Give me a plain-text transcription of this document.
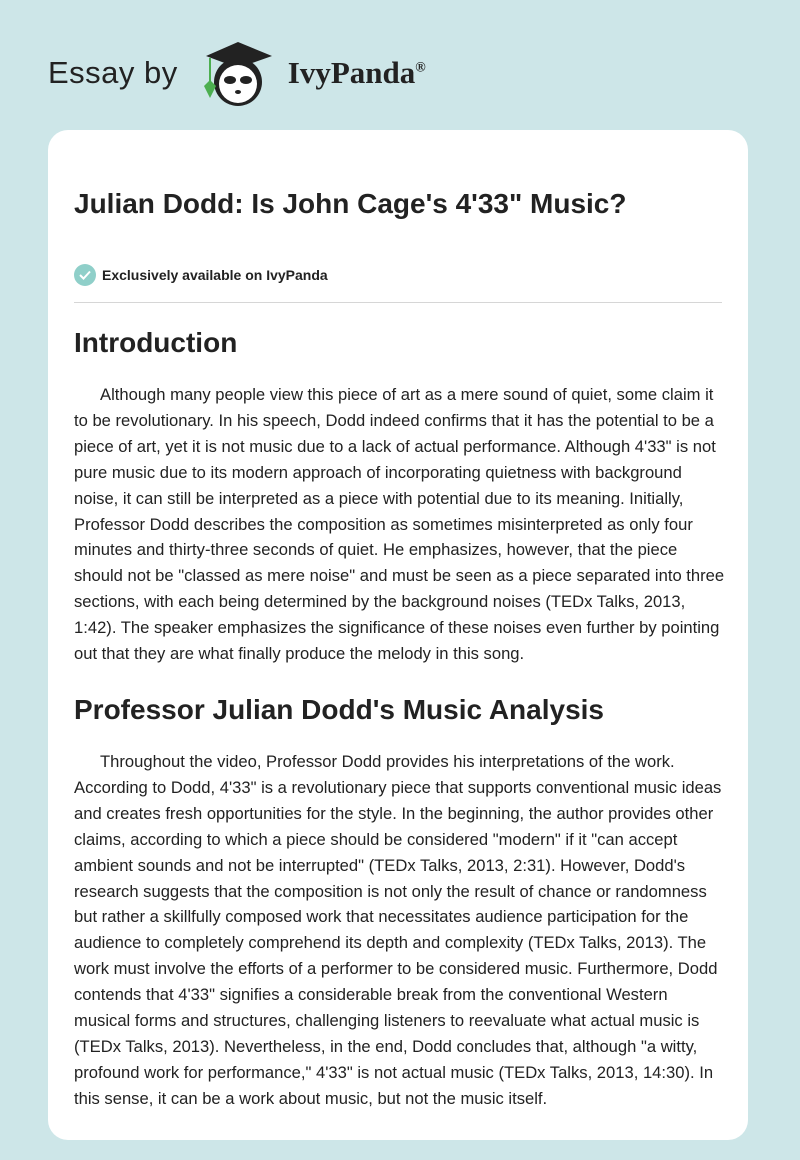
Essay by	IvyPanda®
Julian Dodd: Is John Cage's 4'33" Music?
Exclusively available on IvyPanda
Introduction

Although many people view this piece of art as a mere sound of quiet, some claim it to be revolutionary. In his speech, Dodd indeed confirms that it has the potential to be a piece of art, yet it is not music due to a lack of actual performance. Although 4'33" is not pure music due to its modern approach of incorporating quietness with background noise, it can still be interpreted as a piece with potential due to its meaning. Initially, Professor Dodd describes the composition as sometimes misinterpreted as only four minutes and thirty-three seconds of quiet. He emphasizes, however, that the piece should not be "classed as mere noise" and must be seen as a piece separated into three sections, with each being determined by the background noises (TEDx Talks, 2013, 1:42). The speaker emphasizes the significance of these noises even further by pointing out that they are what finally produce the melody in this song.

Professor Julian Dodd's Music Analysis

Throughout the video, Professor Dodd provides his interpretations of the work. According to Dodd, 4'33" is a revolutionary piece that supports conventional music ideas and creates fresh opportunities for the style. In the beginning, the author provides other claims, according to which a piece should be considered "modern" if it "can accept ambient sounds and not be interrupted" (TEDx Talks, 2013, 2:31). However, Dodd's research suggests that the composition is not only the result of chance or randomness but rather a skillfully composed work that necessitates audience participation for the audience to completely comprehend its depth and complexity (TEDx Talks, 2013). The work must involve the efforts of a performer to be considered music. Furthermore, Dodd contends that 4'33" signifies a considerable break from the conventional Western musical forms and structures, challenging listeners to reevaluate what actual music is (TEDx Talks, 2013). Nevertheless, in the end, Dodd concludes that, although "a witty, profound work for performance," 4'33" is not actual music (TEDx Talks, 2013, 14:30). In this sense, it can be a work about music, but not the music itself.
